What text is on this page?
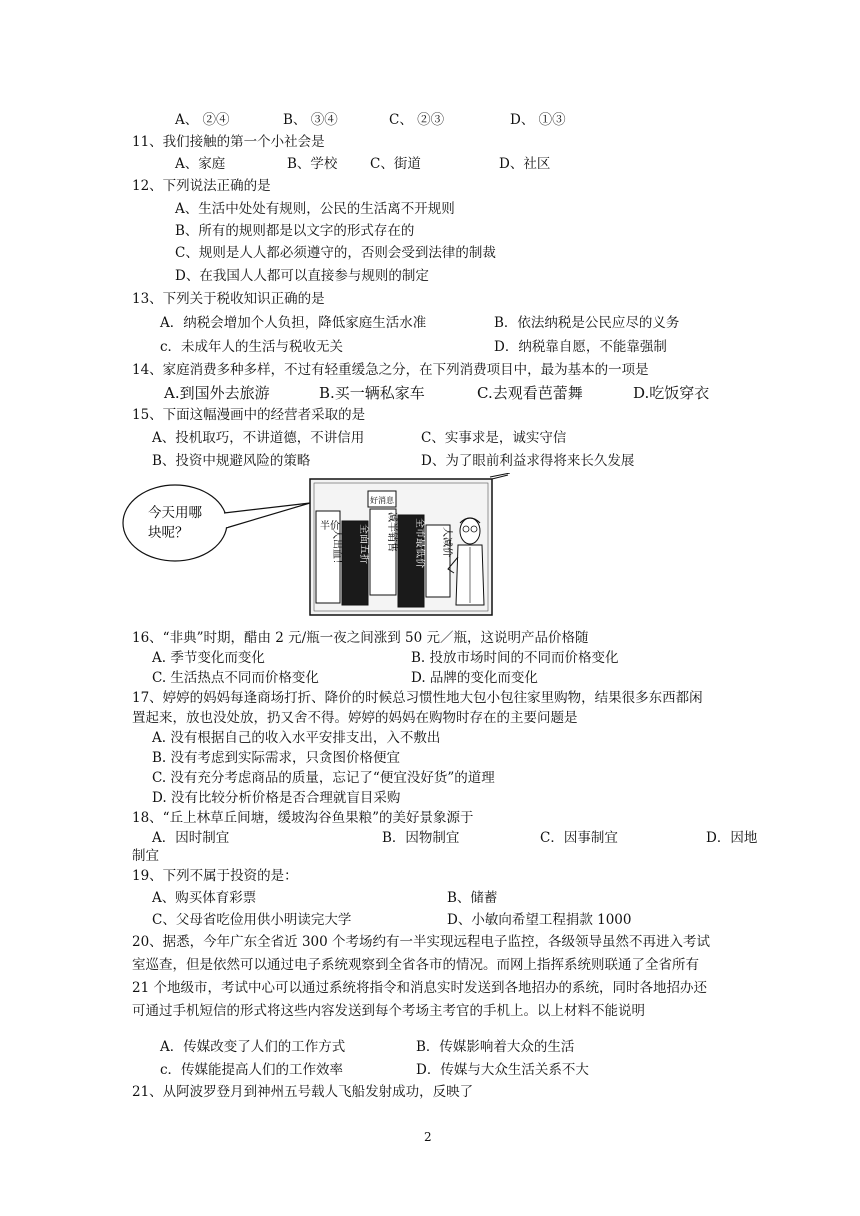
A、 ②④	B、 ③④	C、 ②③	D、 ①③
11、我们接触的第一个小社会是
A、家庭	B、学校 C、街道	D、社区
12、下列说法正确的是
A、生活中处处有规则，公民的生活离不开规则
B、所有的规则都是以文字的形式存在的
C、规则是人人都必须遵守的，否则会受到法律的制裁
D、在我国人人都可以直接参与规则的制定
13、下列关于税收知识正确的是
A．纳税会增加个人负担，降低家庭生活水准	B．依法纳税是公民应尽的义务
c．未成年人的生活与税收无关	D．纳税靠自愿，不能靠强制
14、家庭消费多种多样，不过有轻重缓急之分，在下列消费项目中，最为基本的一项是
A.到国外去旅游	B.买一辆私家车	C.去观看芭蕾舞	D.吃饭穿衣
15、下面这幅漫画中的经营者采取的是
A、投机取巧，不讲道德，不讲信用	C、实事求是，诚实守信
B、投资中规避风险的策略	D、为了眼前利益求得将来长久发展
今天用哪
块呢？	半价
大出血！ 全面五折
好消息
减半销售 全市最低价 大减价
16、“非典”时期，醋由 2 元/瓶一夜之间涨到 50 元／瓶，这说明产品价格随
A. 季节变化而变化	B. 投放市场时间的不同而价格变化
C. 生活热点不同而价格变化	D. 品牌的变化而变化
17、婷婷的妈妈每逢商场打折、降价的时候总习惯性地大包小包往家里购物，结果很多东西都闲
置起来，放也没处放，扔又舍不得。婷婷的妈妈在购物时存在的主要问题是
A. 没有根据自己的收入水平安排支出，入不敷出
B. 没有考虑到实际需求，只贪图价格便宜
C. 没有充分考虑商品的质量，忘记了“便宜没好货”的道理
D. 没有比较分析价格是否合理就盲目采购
18、“丘上林草丘间塘，缓坡沟谷鱼果粮”的美好景象源于
A．因时制宜	B．因物制宜	C．因事制宜	D．因地
制宜
19、下列不属于投资的是：
A、购买体育彩票	B、储蓄
C、父母省吃俭用供小明读完大学	D、小敏向希望工程捐款 1000
20、据悉，今年广东全省近 300 个考场约有一半实现远程电子监控，各级领导虽然不再进入考试
室巡查，但是依然可以通过电子系统观察到全省各市的情况。而网上指挥系统则联通了全省所有
21 个地级市，考试中心可以通过系统将指令和消息实时发送到各地招办的系统，同时各地招办还
可通过手机短信的形式将这些内容发送到每个考场主考官的手机上。以上材料不能说明
A．传媒改变了人们的工作方式	B．传媒影响着大众的生活
c．传媒能提高人们的工作效率	D．传媒与大众生活关系不大
21、从阿波罗登月到神州五号载人飞船发射成功，反映了
2
